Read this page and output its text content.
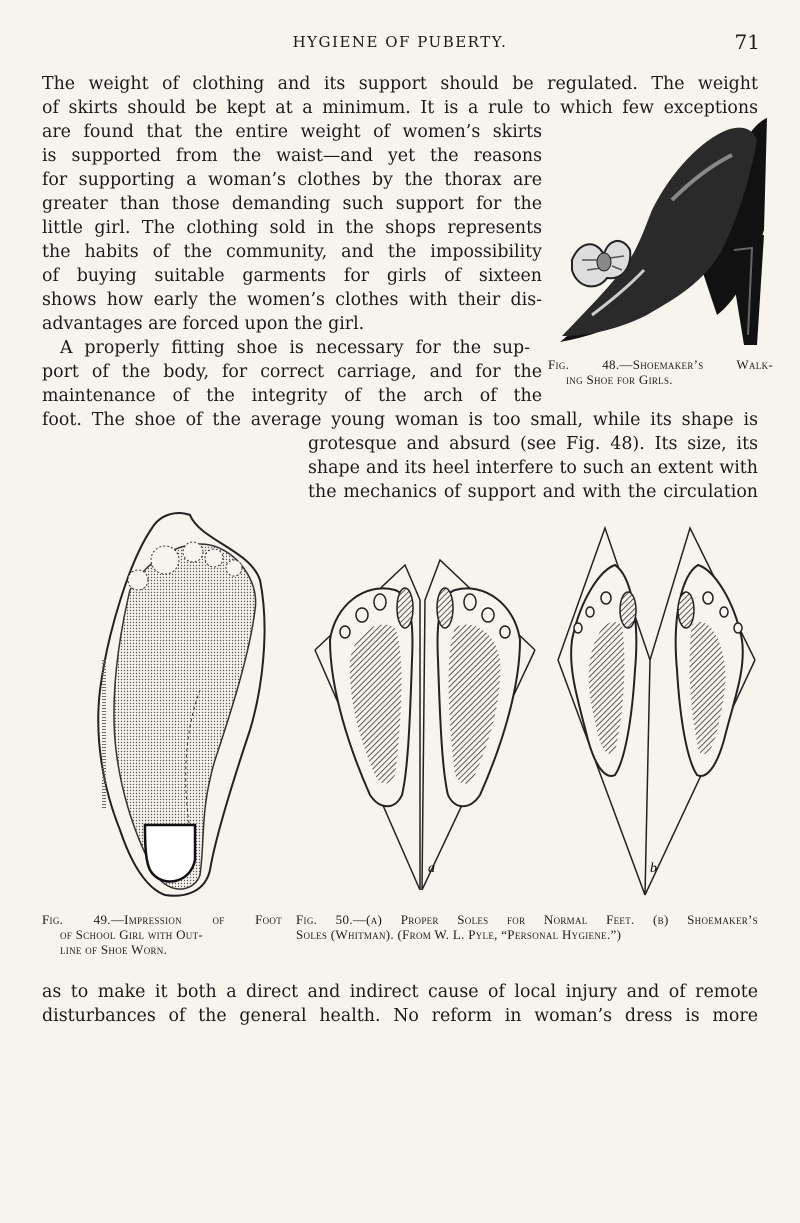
HYGIENE OF PUBERTY.	71
The weight of clothing and its support should be regulated. The weight
of skirts should be kept at a minimum. It is a rule to which few exceptions
are found that the entire weight of women’s skirts
is supported from the waist—and yet the reasons
for supporting a woman’s clothes by the thorax are
greater than those demanding such support for the
little girl. The clothing sold in the shops represents
the habits of the community, and the impossibility
of buying suitable garments for girls of sixteen
shows how early the women’s clothes with their dis-
advantages are forced upon the girl.
A properly fitting shoe is necessary for the sup-
port of the body, for correct carriage, and for the
maintenance of the integrity of the arch of the
foot. The shoe of the average young woman is too small, while its shape is
grotesque and absurd (see Fig. 48). Its size, its
shape and its heel interfere to such an extent with
the mechanics of support and with the circulation
Fig. 48.—Shoemaker’s Walk-
ing Shoe for Girls.
Fig. 49.—Impression of Foot
of School Girl with Out-
line of Shoe Worn.
a	b
Fig. 50.—(a) Proper Soles for Normal Feet. (b) Shoemaker’s
Soles (Whitman). (From W. L. Pyle, “Personal Hygiene.”)
as to make it both a direct and indirect cause of local injury and of remote
disturbances of the general health. No reform in woman’s dress is more
